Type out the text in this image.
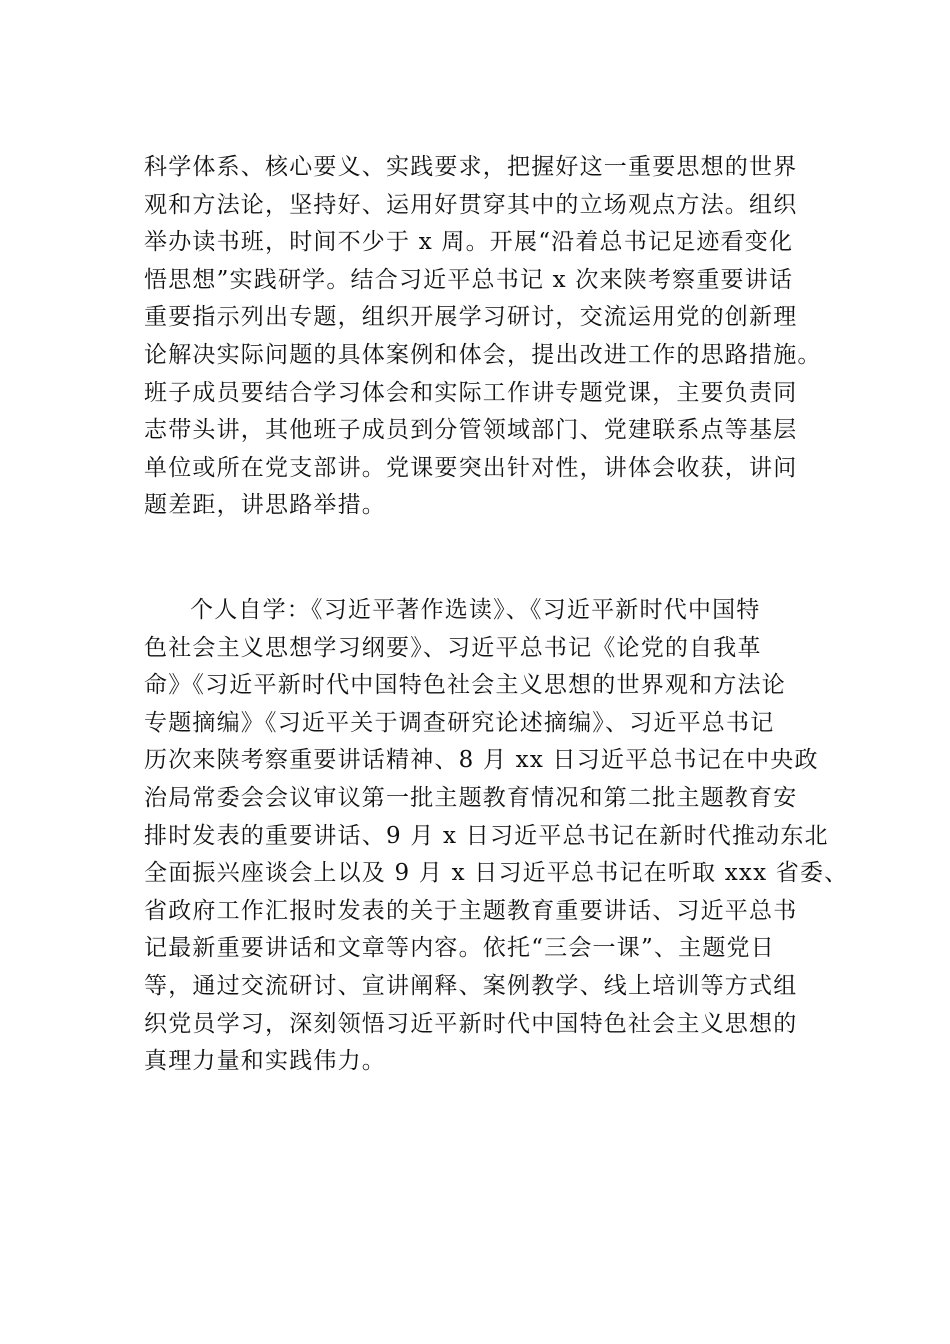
科学体系、核心要义、实践要求，把握好这一重要思想的世界
观和方法论，坚持好、运用好贯穿其中的立场观点方法。组织
举办读书班，时间不少于 x 周。开展“沿着总书记足迹看变化
悟思想”实践研学。结合习近平总书记 x 次来陕考察重要讲话
重要指示列出专题，组织开展学习研讨，交流运用党的创新理
论解决实际问题的具体案例和体会，提出改进工作的思路措施。
班子成员要结合学习体会和实际工作讲专题党课，主要负责同
志带头讲，其他班子成员到分管领域部门、党建联系点等基层
单位或所在党支部讲。党课要突出针对性，讲体会收获，讲问
题差距，讲思路举措。
个人自学：《习近平著作选读》、《习近平新时代中国特
色社会主义思想学习纲要》、习近平总书记《论党的自我革
命》《习近平新时代中国特色社会主义思想的世界观和方法论
专题摘编》《习近平关于调查研究论述摘编》、习近平总书记
历次来陕考察重要讲话精神、8 月 xx 日习近平总书记在中央政
治局常委会会议审议第一批主题教育情况和第二批主题教育安
排时发表的重要讲话、9 月 x 日习近平总书记在新时代推动东北
全面振兴座谈会上以及 9 月 x 日习近平总书记在听取 xxx 省委、
省政府工作汇报时发表的关于主题教育重要讲话、习近平总书
记最新重要讲话和文章等内容。依托“三会一课”、主题党日
等，通过交流研讨、宣讲阐释、案例教学、线上培训等方式组
织党员学习，深刻领悟习近平新时代中国特色社会主义思想的
真理力量和实践伟力。
